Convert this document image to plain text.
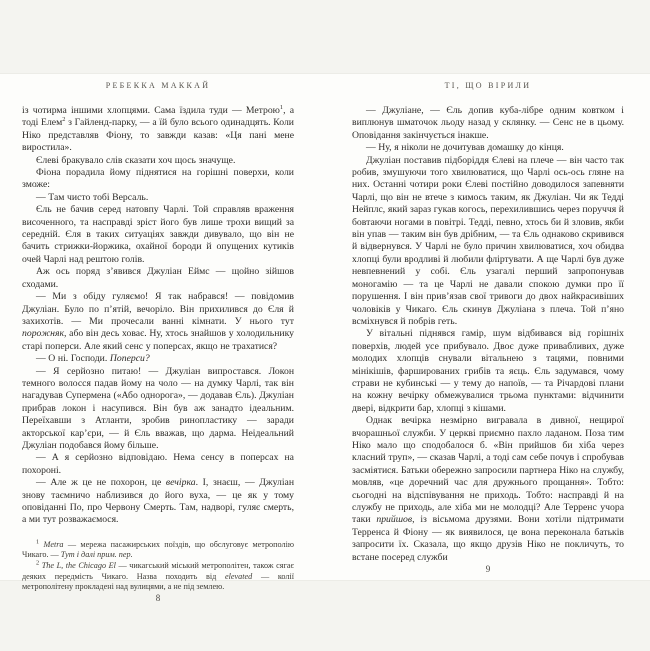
РЕБЕККА МАККАЙ

із чотирма іншими хлопцями. Сама їздила туди — Метрою$^1$, а тоді Елем$^2$ з Гайленд-парку, — а їй було всього одинадцять. Коли Ніко представляв Фіону, то завжди казав: «Ця пані мене виростила».

Єлеві бракувало слів сказати хоч щось значуще.

Фіона порадила йому піднятися на горішні поверхи, коли зможе:

— Там чисто тобі Версаль.

Єль не бачив серед натовпу Чарлі. Той справляв враження височенного, та насправді зріст його був лише трохи вищий за середній. Єля в таких ситуаціях завжди дивувало, що він не бачить стрижки-йоржика, охайної бороди й опущених кутиків очей Чарлі над рештою голів.

Аж ось поряд з’явився Джуліан Еймс — щойно зійшов сходами.

— Ми з обіду гуляємо! Я так набрався! — повідомив Джуліан. Було по п’ятій, вечоріло. Він прихилився до Єля й захихотів. — Ми прочесали ванні кімнати. У нього тут порожняк, або він десь ховає. Ну, хтось знайшов у холодильнику старі поперси. Але який сенс у поперсах, якщо не трахатися?

— О ні. Господи. Поперси?

— Я серйозно питаю! — Джуліан випростався. Локон темного волосся падав йому на чоло — на думку Чарлі, так він нагадував Супермена («Або однорога», — додавав Єль). Джуліан прибрав локон і насупився. Він був аж занадто ідеальним. Переїхавши з Атланти, зробив ринопластику — заради акторської кар’єри, — й Єль вважав, що дарма. Неідеальний Джуліан подобався йому більше.

— А я серйозно відповідаю. Нема сенсу в поперсах на похороні.

— Але ж це не похорон, це вечірка. І, знаєш, — Джуліан знову таємничо наблизився до його вуха, — це як у тому оповіданні По, про Червону Смерть. Там, надворі, гуляє смерть, а ми тут розважаємося.

$^1$ Metra — мережа пасажирських поїздів, що обслуговує метрополію Чикаго. — Тут і далі прим. пер.

$^2$ The L, the Chicago El — чикагський міський метрополітен, також сягає деяких передмість Чикаго. Назва походить від elevated — колії метрополітену прокладені над вулицями, а не під землею.

8
ТІ, ЩО ВІРИЛИ

— Джуліане, — Єль допив куба-лібре одним ковтком і виплюнув шматочок льоду назад у склянку. — Сенс не в цьому. Оповідання закінчується інакше.

— Ну, я ніколи не дочитував домашку до кінця.

Джуліан поставив підборіддя Єлеві на плече — він часто так робив, змушуючи того хвилюватися, що Чарлі ось-ось гляне на них. Останні чотири роки Єлеві постійно доводилося запевняти Чарлі, що він не втече з кимось таким, як Джуліан. Чи як Тедді Нейплс, який зараз гукав когось, перехилившись через поруччя й бовтаючи ногами в повітрі. Тедді, певно, хтось би й зловив, якби він упав — таким він був дрібним, — та Єль однаково скривився й відвернувся. У Чарлі не було причин хвилюватися, хоч обидва хлопці були вродливі й любили фліртувати. А ще Чарлі був дуже невпевнений у собі. Єль узагалі перший запропонував моногамію — та це Чарлі не давали спокою думки про її порушення. І він прив’язав свої тривоги до двох найкрасивіших чоловіків у Чикаго. Єль скинув Джуліана з плеча. Той п’яно всміхнувся й побрів геть.

У вітальні піднявся гамір, шум відбивався від горішніх поверхів, людей усе прибувало. Двоє дуже привабливих, дуже молодих хлопців снували вітальнею з тацями, повними мінікішів, фаршированих грибів та яєць. Єль задумався, чому страви не кубинські — у тему до напоїв, — та Річардові плани на кожну вечірку обмежувалися трьома пунктами: відчинити двері, відкрити бар, хлопці з кішами.

Однак вечірка незмірно вигравала в дивної, нещирої вчорашньої служби. У церкві приємно пахло ладаном. Поза тим Ніко мало що сподобалося б. «Він прийшов би хіба через класний труп», — сказав Чарлі, а тоді сам себе почув і спробував засміятися. Батьки обережно запросили партнера Ніко на службу, мовляв, «це доречний час для дружнього прощання». Тобто: сьогодні на відспівування не приходь. Тобто: насправді й на службу не приходь, але хіба ми не молодці? Але Терренс учора таки прийшов, із вісьмома друзями. Вони хотіли підтримати Терренса й Фіону — як виявилося, це вона переконала батьків запросити їх. Сказала, що якщо друзів Ніко не покличуть, то встане посеред служби

9
